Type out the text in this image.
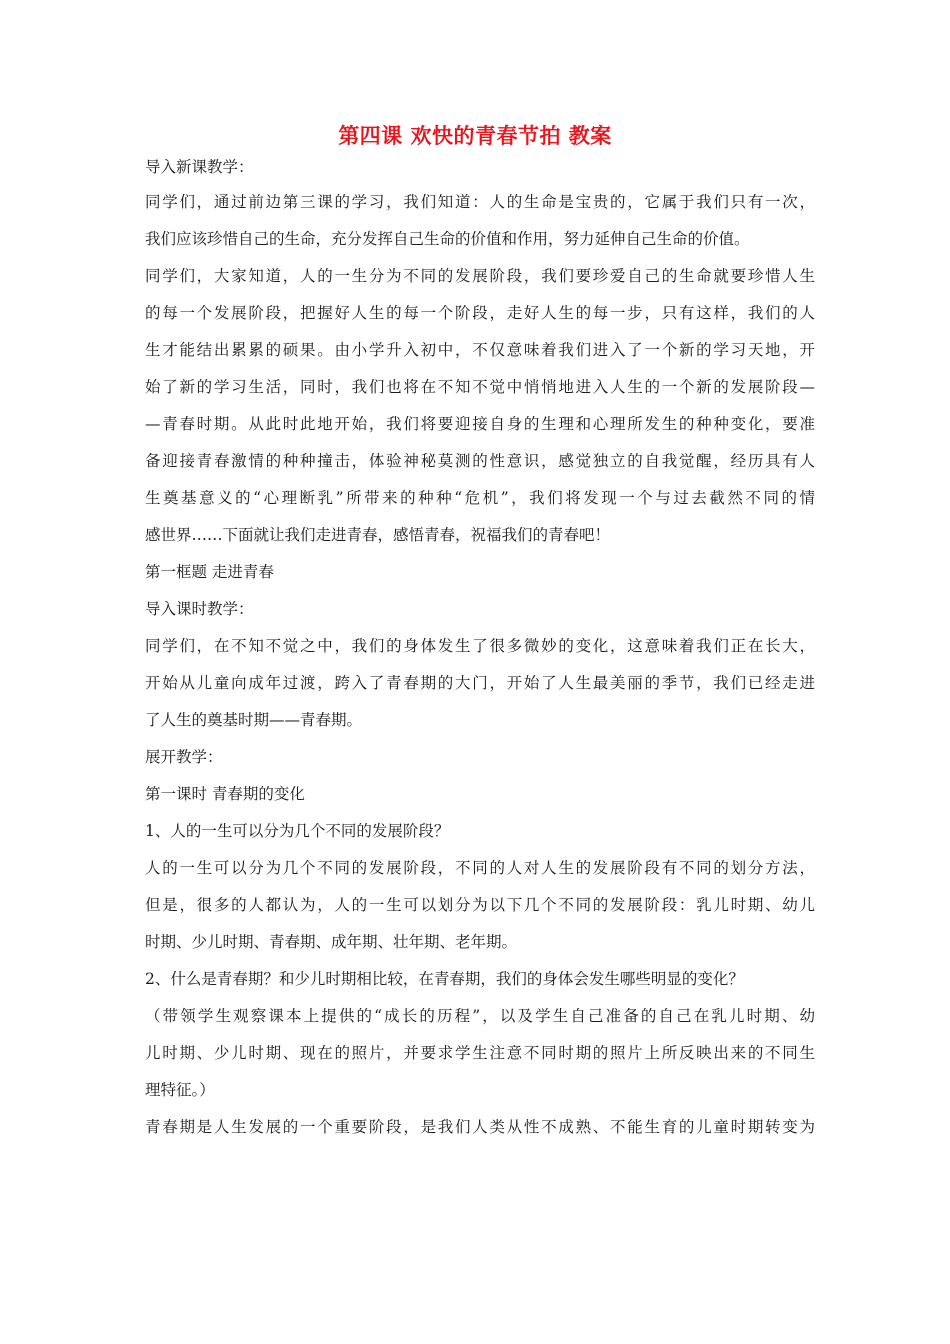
第四课 欢快的青春节拍 教案
导入新课教学：
同学们，通过前边第三课的学习，我们知道：人的生命是宝贵的，它属于我们只有一次，
我们应该珍惜自己的生命，充分发挥自己生命的价值和作用，努力延伸自己生命的价值。
同学们，大家知道，人的一生分为不同的发展阶段，我们要珍爱自己的生命就要珍惜人生
的每一个发展阶段，把握好人生的每一个阶段，走好人生的每一步，只有这样，我们的人
生才能结出累累的硕果。由小学升入初中，不仅意味着我们进入了一个新的学习天地，开
始了新的学习生活，同时，我们也将在不知不觉中悄悄地进入人生的一个新的发展阶段—
—青春时期。从此时此地开始，我们将要迎接自身的生理和心理所发生的种种变化，要准
备迎接青春激情的种种撞击，体验神秘莫测的性意识，感觉独立的自我觉醒，经历具有人
生奠基意义的“心理断乳”所带来的种种“危机”，我们将发现一个与过去截然不同的情
感世界……下面就让我们走进青春，感悟青春，祝福我们的青春吧！
第一框题 走进青春
导入课时教学：
同学们，在不知不觉之中，我们的身体发生了很多微妙的变化，这意味着我们正在长大，
开始从儿童向成年过渡，跨入了青春期的大门，开始了人生最美丽的季节，我们已经走进
了人生的奠基时期——青春期。
展开教学：
第一课时 青春期的变化
1、人的一生可以分为几个不同的发展阶段？
人的一生可以分为几个不同的发展阶段，不同的人对人生的发展阶段有不同的划分方法，
但是，很多的人都认为，人的一生可以划分为以下几个不同的发展阶段：乳儿时期、幼儿
时期、少儿时期、青春期、成年期、壮年期、老年期。
2、什么是青春期？和少儿时期相比较，在青春期，我们的身体会发生哪些明显的变化？
（带领学生观察课本上提供的“成长的历程”，以及学生自己准备的自己在乳儿时期、幼
儿时期、少儿时期、现在的照片，并要求学生注意不同时期的照片上所反映出来的不同生
理特征。）
青春期是人生发展的一个重要阶段，是我们人类从性不成熟、不能生育的儿童时期转变为
